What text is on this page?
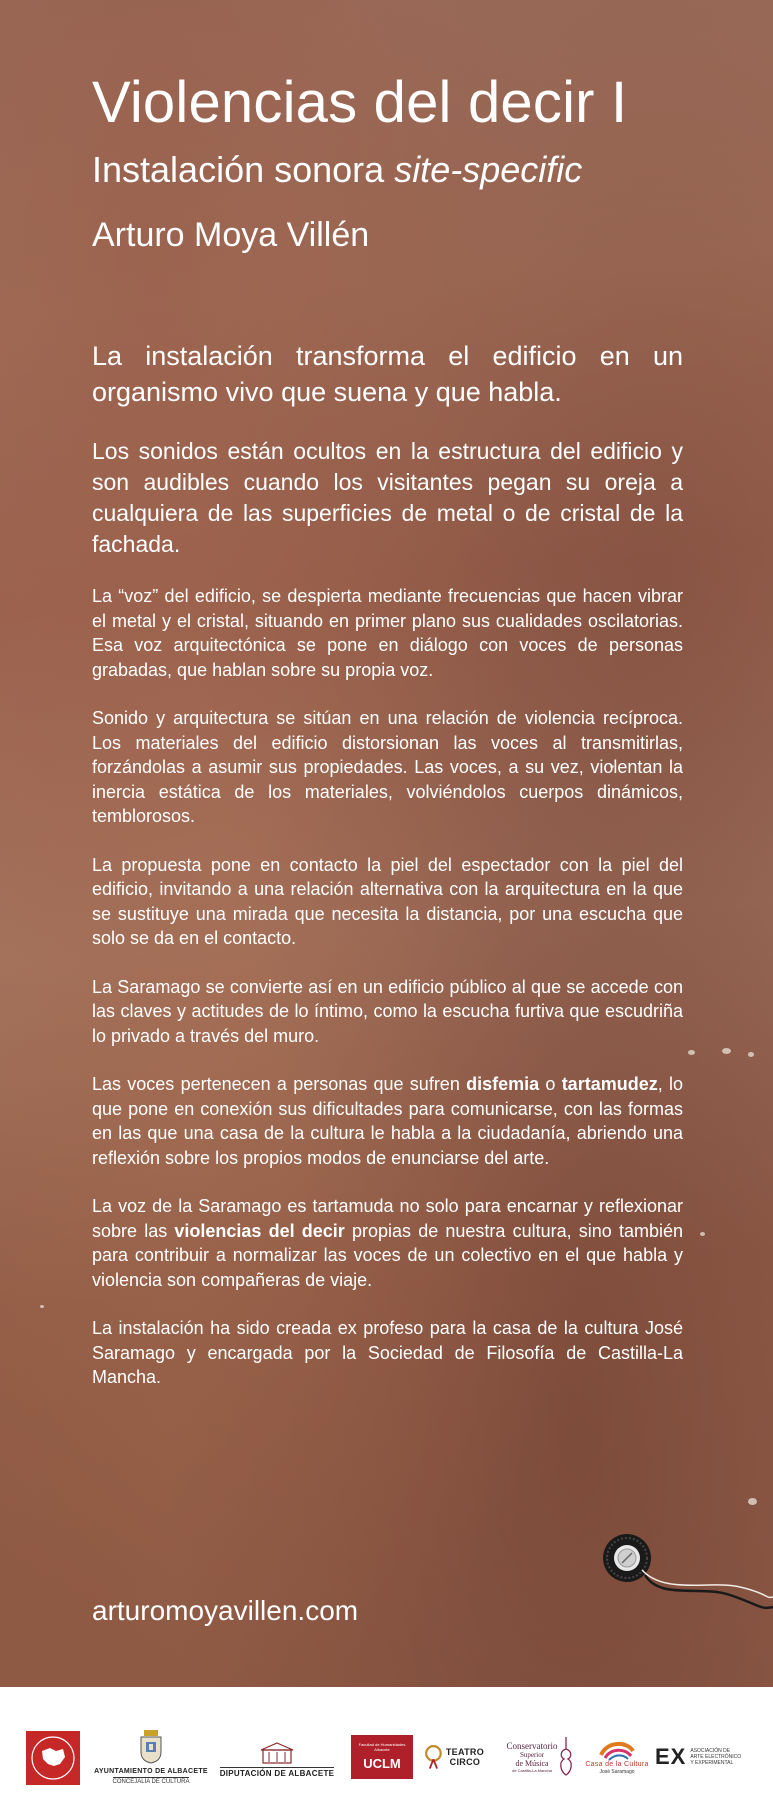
Violencias del decir I
Instalación sonora site-specific
Arturo Moya Villén
La instalación transforma el edificio en un organismo vivo que suena y que habla.
Los sonidos están ocultos en la estructura del edificio y son audibles cuando los visitantes pegan su oreja a cualquiera de las superficies de metal o de cristal de la fachada.

La “voz” del edificio, se despierta mediante frecuencias que hacen vibrar el metal y el cristal, situando en primer plano sus cualidades oscilatorias. Esa voz arquitectónica se pone en diálogo con voces de personas grabadas, que hablan sobre su propia voz.

Sonido y arquitectura se sitúan en una relación de violencia recíproca. Los materiales del edificio distorsionan las voces al transmitirlas, forzándolas a asumir sus propiedades. Las voces, a su vez, violentan la inercia estática de los materiales, volviéndolos cuerpos dinámicos, temblorosos.

La propuesta pone en contacto la piel del espectador con la piel del edificio, invitando a una relación alternativa con la arquitectura en la que se sustituye una mirada que necesita la distancia, por una escucha que solo se da en el contacto.

La Saramago se convierte así en un edificio público al que se accede con las claves y actitudes de lo íntimo, como la escucha furtiva que escudriña lo privado a través del muro.

Las voces pertenecen a personas que sufren disfemia o tartamudez, lo que pone en conexión sus dificultades para comunicarse, con las formas en las que una casa de la cultura le habla a la ciudadanía, abriendo una reflexión sobre los propios modos de enunciarse del arte.

La voz de la Saramago es tartamuda no solo para encarnar y reflexionar sobre las violencias del decir propias de nuestra cultura, sino también para contribuir a normalizar las voces de un colectivo en el que habla y violencia son compañeras de viaje.

La instalación ha sido creada ex profeso para la casa de la cultura José Saramago y encargada por la Sociedad de Filosofía de Castilla-La Mancha.

arturomoyavillen.com
AYUNTAMIENTO DE ALBACETE
CONCEJALÍA DE CULTURA
DIPUTACIÓN DE ALBACETE
Facultad de Humanidades Albacete
UCLM
TEATRO
CIRCO
Conservatorio
Superior
de Música
de Castilla-La Mancha
Casa de la Cultura
José Saramago
EX ASOCIACIÓN DE
ARTE ELECTRÓNICO
Y EXPERIMENTAL
